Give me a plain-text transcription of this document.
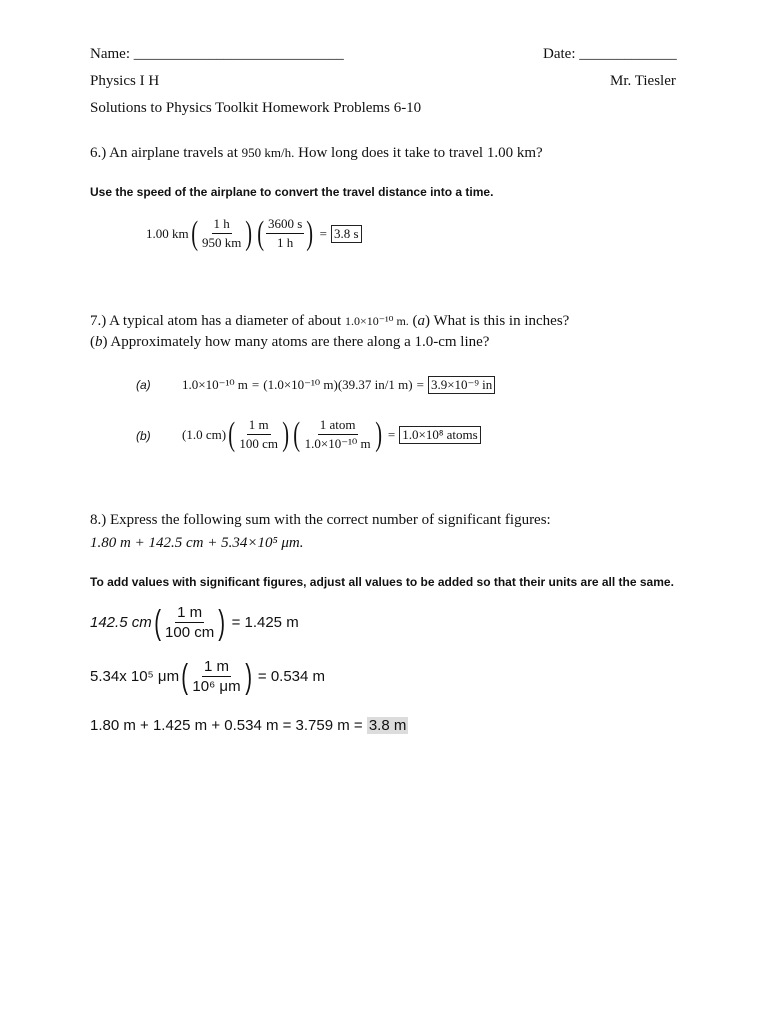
Name: ____________________________	Date: _____________
Physics I H	Mr. Tiesler
Solutions to Physics Toolkit Homework Problems 6-10
6.) An airplane travels at 950 km/h. How long does it take to travel 1.00 km?
Use the speed of the airplane to convert the travel distance into a time.
1.00 km ( $\frac{1 h}{950 km}$ ) ( $\frac{3600 s}{1 h}$ ) = 3.8 s
7.) A typical atom has a diameter of about 1.0×10⁻¹⁰ m. (a) What is this in inches?
(b) Approximately how many atoms are there along a 1.0-cm line?
(a) 1.0×10⁻¹⁰ m = (1.0×10⁻¹⁰ m)(39.37 in/1 m) = 3.9×10⁻⁹ in
(b) (1.0 cm) ( $\frac{1 m}{100 cm}$ ) ( $\frac{\text{1 atom}}{\text{1.0×10⁻¹⁰ m}}$ ) = 1.0×10⁸ atoms
8.) Express the following sum with the correct number of significant figures:
1.80 m + 142.5 cm + 5.34×10⁵ μm.
To add values with significant figures, adjust all values to be added so that their units are all the same.
142.5 cm ( $\frac{1 m}{100 cm}$ ) = 1.425 m
5.34x 10⁵ μm ( $\frac{1 m}{\text{10⁶ μm}}$ ) = 0.534 m
1.80 m + 1.425 m + 0.534 m = 3.759 m = 3.8 m
